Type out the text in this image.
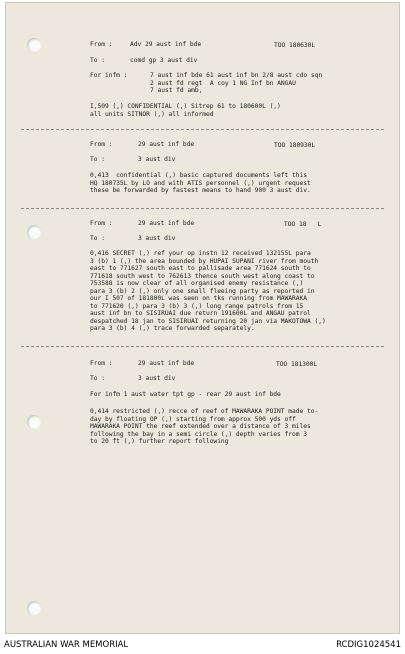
From :	Adv 29 aust inf bde	TOO 180630L
To :	comd gp 3 aust div
For infm :	7 aust inf bde 61 aust inf bn 2/8 aust cdo sqn
2 aust fd regt  A coy 1 NG Inf bn ANGAU
7 aust fd amb,
I,509 (,) CONFIDENTIAL (,) Sitrep 61 to 180600L (,)
all units SITNOR (,) all informed
From :	29 aust inf bde	TOO 180930L
To :	3 aust div
0,413  confidential (,) basic captured documents left this
HQ 180735L by LO and with ATIS personnel (,) urgent request
these be forwarded by fastest means to hand 900 3 aust div.
From :	29 aust inf bde	TOO 18   L
To :	3 aust div
0,416 SECRET (,) ref your op instn 12 received 132155L para
3 (b) 1 (,) the area bounded by HUPAI SUPANI river from mouth
east to 771627 south east to pallisade area 771624 south to
771618 south west to 762613 thence south west along coast to
753588 is now clear of all organised enemy resistance (,)
para 3 (b) 2 (,) only one small fleeing party as reported in
our I 507 of 181800L was seen on tks running from MAWARAKA
to 771620 (,) para 3 (b) 3 (,) long range patrols from 15
aust inf bn to SISIRUAI due return 191600L and ANGAU patrol
despatched 18 jan to SISIRUAI returning 20 jan via MAKOTOWA (,)
para 3 (b) 4 (,) trace forwarded separately.
From :	29 aust inf bde	TOO 181300L
To :	3 aust div
For infm 1 aust water tpt gp - rear 29 aust inf bde
0,414 restricted (,) recce of reef of MAWARAKA POINT made to-
day by floating OP (,) starting from approx 500 yds off
MAWARAKA POINT the reef extended over a distance of 3 miles
following the bay in a semi circle (,) depth varies from 3
to 20 ft (,) further report following
AUSTRALIAN WAR MEMORIAL	RCDIG1024541
